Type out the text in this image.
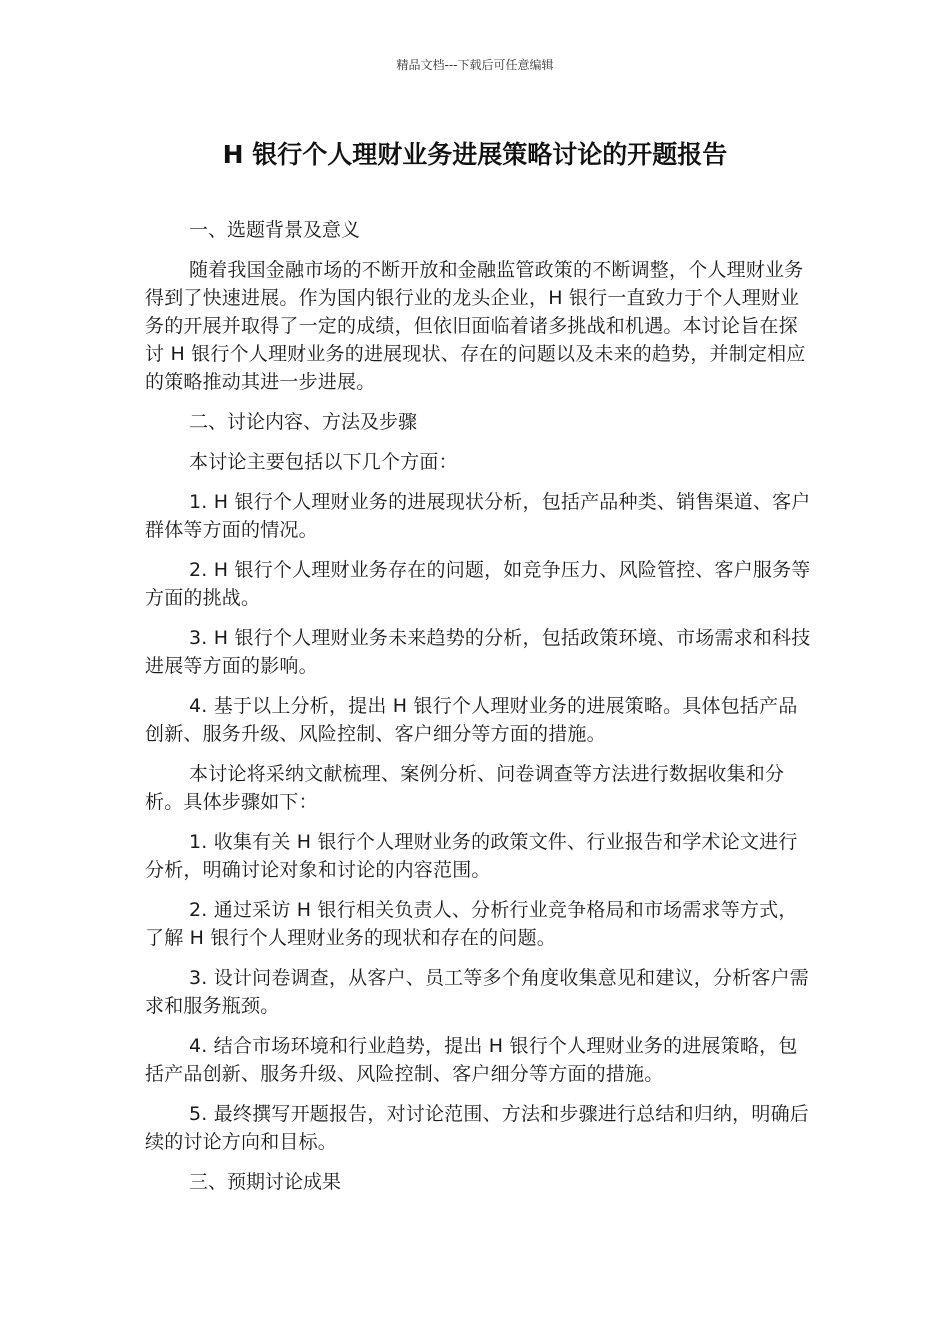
精品文档---下载后可任意编辑
H 银行个人理财业务进展策略讨论的开题报告

一、选题背景及意义

随着我国金融市场的不断开放和金融监管政策的不断调整，个人理财业务得到了快速进展。作为国内银行业的龙头企业，H 银行一直致力于个人理财业务的开展并取得了一定的成绩，但依旧面临着诸多挑战和机遇。本讨论旨在探讨 H 银行个人理财业务的进展现状、存在的问题以及未来的趋势，并制定相应的策略推动其进一步进展。

二、讨论内容、方法及步骤

本讨论主要包括以下几个方面：

1. H 银行个人理财业务的进展现状分析，包括产品种类、销售渠道、客户群体等方面的情况。

2. H 银行个人理财业务存在的问题，如竞争压力、风险管控、客户服务等方面的挑战。

3. H 银行个人理财业务未来趋势的分析，包括政策环境、市场需求和科技进展等方面的影响。

4. 基于以上分析，提出 H 银行个人理财业务的进展策略。具体包括产品创新、服务升级、风险控制、客户细分等方面的措施。

本讨论将采纳文献梳理、案例分析、问卷调查等方法进行数据收集和分析。具体步骤如下：

1. 收集有关 H 银行个人理财业务的政策文件、行业报告和学术论文进行分析，明确讨论对象和讨论的内容范围。

2. 通过采访 H 银行相关负责人、分析行业竞争格局和市场需求等方式，了解 H 银行个人理财业务的现状和存在的问题。

3. 设计问卷调查，从客户、员工等多个角度收集意见和建议，分析客户需求和服务瓶颈。

4. 结合市场环境和行业趋势，提出 H 银行个人理财业务的进展策略，包括产品创新、服务升级、风险控制、客户细分等方面的措施。

5. 最终撰写开题报告，对讨论范围、方法和步骤进行总结和归纳，明确后续的讨论方向和目标。

三、预期讨论成果
